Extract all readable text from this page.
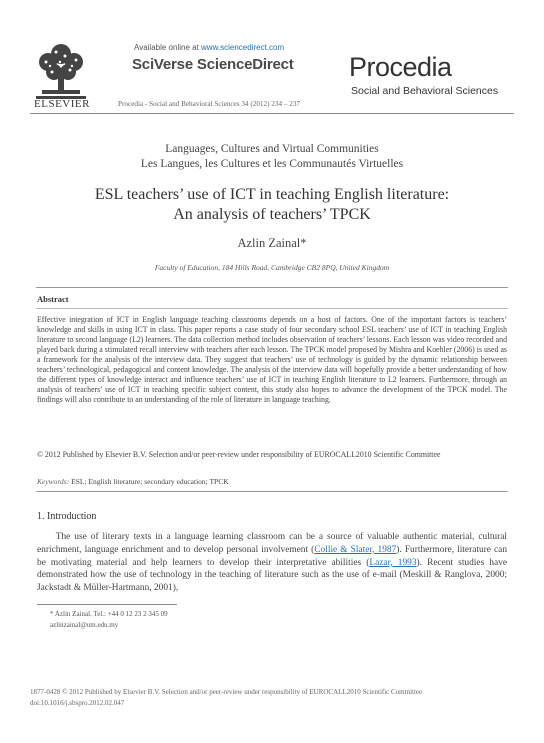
ELSEVIER
Available online at www.sciencedirect.com
SciVerse ScienceDirect
Procedia - Social and Behavioral Sciences 34 (2012) 234 – 237
Procedia
Social and Behavioral Sciences
Languages, Cultures and Virtual Communities
Les Langues, les Cultures et les Communautés Virtuelles
ESL teachers’ use of ICT in teaching English literature:
An analysis of teachers’ TPCK
Azlin Zainal*
Faculty of Education, 184 Hills Road, Cambridge CB2 8PQ, United Kingdom
Abstract
Effective integration of ICT in English language teaching classrooms depends on a host of factors. One of the important factors is teachers’ knowledge and skills in using ICT in class. This paper reports a case study of four secondary school ESL teachers’ use of ICT in teaching English literature to second language (L2) learners. The data collection method includes observation of teachers’ lessons. Each lesson was video recorded and played back during a stimulated recall interview with teachers after each lesson. The TPCK model proposed by Mishra and Koehler (2006) is used as a framework for the analysis of the interview data. They suggest that teachers’ use of technology is guided by the dynamic relationship between teachers’ technological, pedagogical and content knowledge. The analysis of the interview data will hopefully provide a better understanding of how the different types of knowledge interact and influence teachers’ use of ICT in teaching English literature to L2 learners. Furthermore, through an analysis of teachers’ use of ICT in teaching specific subject content, this study also hopes to advance the development of the TPCK model. The findings will also contribute to an understanding of the role of literature in language teaching.
© 2012 Published by Elsevier B.V. Selection and/or peer-review under responsibility of EUROCALL2010 Scientific Committee
Keywords: ESL; English literature; secondary education; TPCK
1. Introduction
  The use of literary texts in a language learning classroom can be a source of valuable authentic material, cultural enrichment, language enrichment and to develop personal involvement (Collie & Slater, 1987). Furthermore, literature can be motivating material and help learners to develop their interpretative abilities (Lazar, 1993). Recent studies have demonstrated how the use of technology in the teaching of literature such as the use of e-mail (Meskill & Ranglova, 2000; Jackstadt & Müller-Hartmann, 2001),
* Azlin Zainal. Tel.: +44 0 12 23 2 345 09
azlinzainal@um.edu.my
1877-0428 © 2012 Published by Elsevier B.V. Selection and/or peer-review under responsibility of EUROCALL2010 Scientific Committee
doi:10.1016/j.sbspro.2012.02.047
